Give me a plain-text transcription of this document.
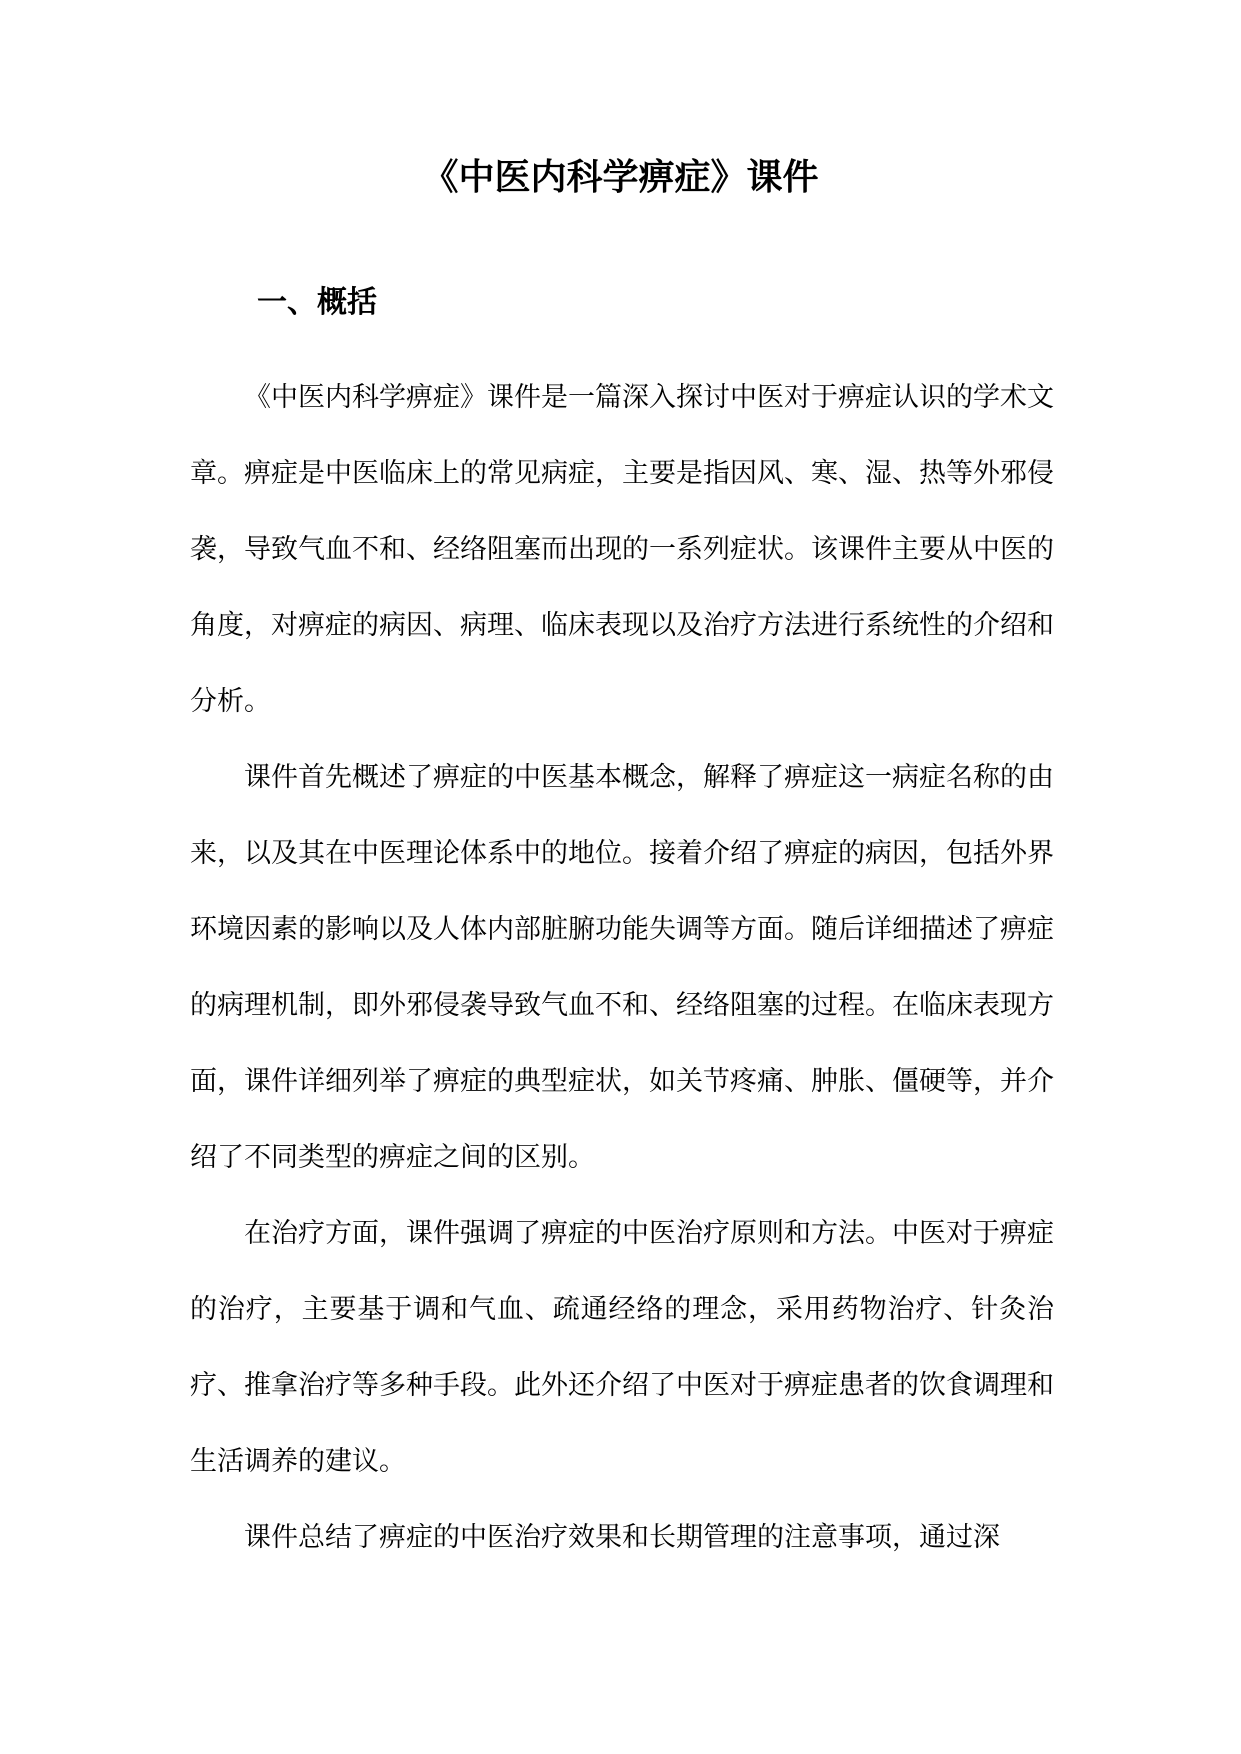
《中医内科学痹症》课件
一、概括

《中医内科学痹症》课件是一篇深入探讨中医对于痹症认识的学术文章。痹症是中医临床上的常见病症，主要是指因风、寒、湿、热等外邪侵袭，导致气血不和、经络阻塞而出现的一系列症状。该课件主要从中医的角度，对痹症的病因、病理、临床表现以及治疗方法进行系统性的介绍和分析。

课件首先概述了痹症的中医基本概念，解释了痹症这一病症名称的由来，以及其在中医理论体系中的地位。接着介绍了痹症的病因，包括外界环境因素的影响以及人体内部脏腑功能失调等方面。随后详细描述了痹症的病理机制，即外邪侵袭导致气血不和、经络阻塞的过程。在临床表现方面，课件详细列举了痹症的典型症状，如关节疼痛、肿胀、僵硬等，并介绍了不同类型的痹症之间的区别。

在治疗方面，课件强调了痹症的中医治疗原则和方法。中医对于痹症的治疗，主要基于调和气血、疏通经络的理念，采用药物治疗、针灸治疗、推拿治疗等多种手段。此外还介绍了中医对于痹症患者的饮食调理和生活调养的建议。

课件总结了痹症的中医治疗效果和长期管理的注意事项，通过深
